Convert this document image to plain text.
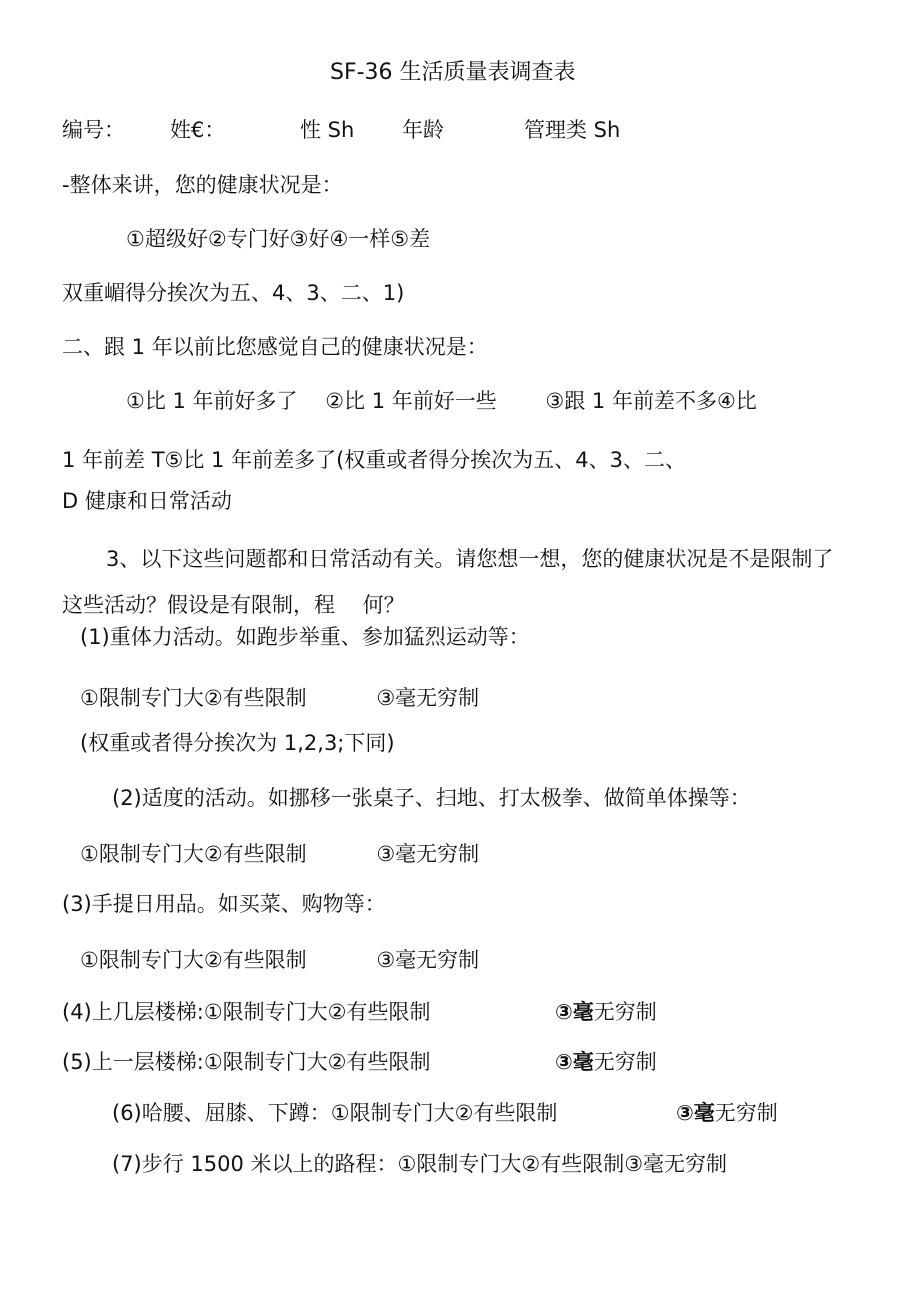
SF-36 生活质量表调查表
编号： 姓€：	性 Sh 年龄	管理类 Sh
-整体来讲，您的健康状况是：
①超级好②专门好③好④一样⑤差
双重嵋得分挨次为五、4、3、二、1)
二、跟 1 年以前比您感觉自己的健康状况是：
①比 1 年前好多了　 ②比 1 年前好一些　　 ③跟 1 年前差不多④比
1 年前差 T⑤比 1 年前差多了(权重或者得分挨次为五、4、3、二、
D 健康和日常活动
3、以下这些问题都和日常活动有关。请您想一想，您的健康状况是不是限制了
这些活动？假设是有限制，程　 何？
(1)重体力活动。如跑步举重、参加猛烈运动等：
①限制专门大②有些限制　　　 ③毫无穷制
(权重或者得分挨次为 1,2,3;下同)
(2)适度的活动。如挪移一张桌子、扫地、打太极拳、做简单体操等：
①限制专门大②有些限制　　　 ③毫无穷制
(3)手提日用品。如买菜、购物等：
①限制专门大②有些限制　　　 ③毫无穷制
(4)上几层楼梯:①限制专门大②有些限制	③毫无穷制
(5)上一层楼梯:①限制专门大②有些限制	③毫无穷制
(6)哈腰、屈膝、下蹲：①限制专门大②有些限制	③毫无穷制
(7)步行 1500 米以上的路程：①限制专门大②有些限制③毫无穷制
